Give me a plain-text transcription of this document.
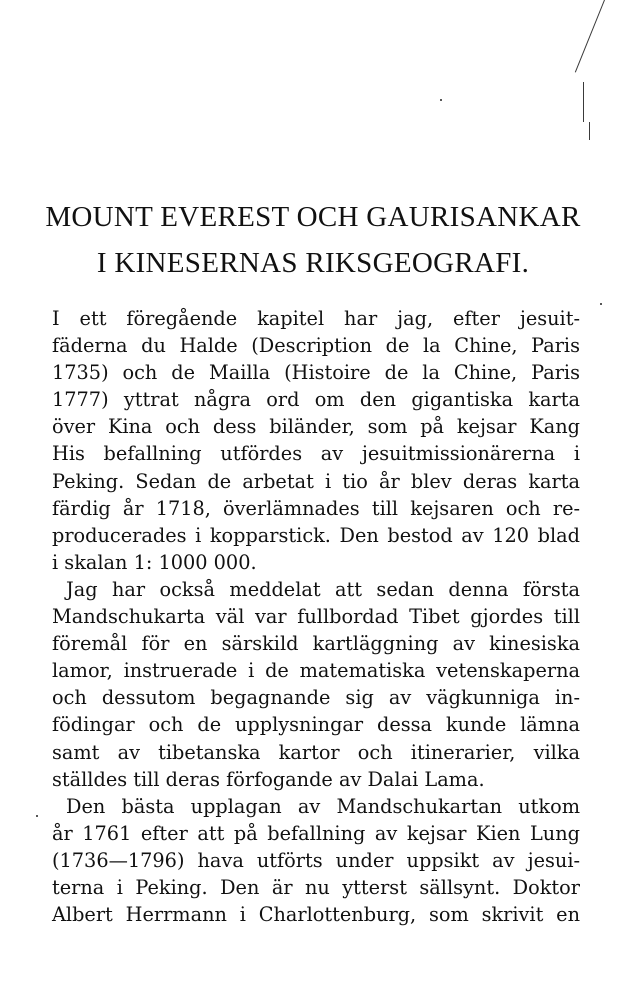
MOUNT EVEREST OCH GAURISANKAR
I KINESERNAS RIKSGEOGRAFI.
I ett föregående kapitel har jag, efter jesuit-
fäderna du Halde (Description de la Chine, Paris
1735) och de Mailla (Histoire de la Chine, Paris
1777) yttrat några ord om den gigantiska karta
över Kina och dess biländer, som på kejsar Kang
His befallning utfördes av jesuitmissionärerna i
Peking. Sedan de arbetat i tio år blev deras karta
färdig år 1718, överlämnades till kejsaren och re-
producerades i kopparstick. Den bestod av 120 blad
i skalan 1: 1000 000.
Jag har också meddelat att sedan denna första
Mandschukarta väl var fullbordad Tibet gjordes till
föremål för en särskild kartläggning av kinesiska
lamor, instruerade i de matematiska vetenskaperna
och dessutom begagnande sig av vägkunniga in-
födingar och de upplysningar dessa kunde lämna
samt av tibetanska kartor och itinerarier, vilka
ställdes till deras förfogande av Dalai Lama.
Den bästa upplagan av Mandschukartan utkom
år 1761 efter att på befallning av kejsar Kien Lung
(1736—1796) hava utförts under uppsikt av jesui-
terna i Peking. Den är nu ytterst sällsynt. Doktor
Albert Herrmann i Charlottenburg, som skrivit en
